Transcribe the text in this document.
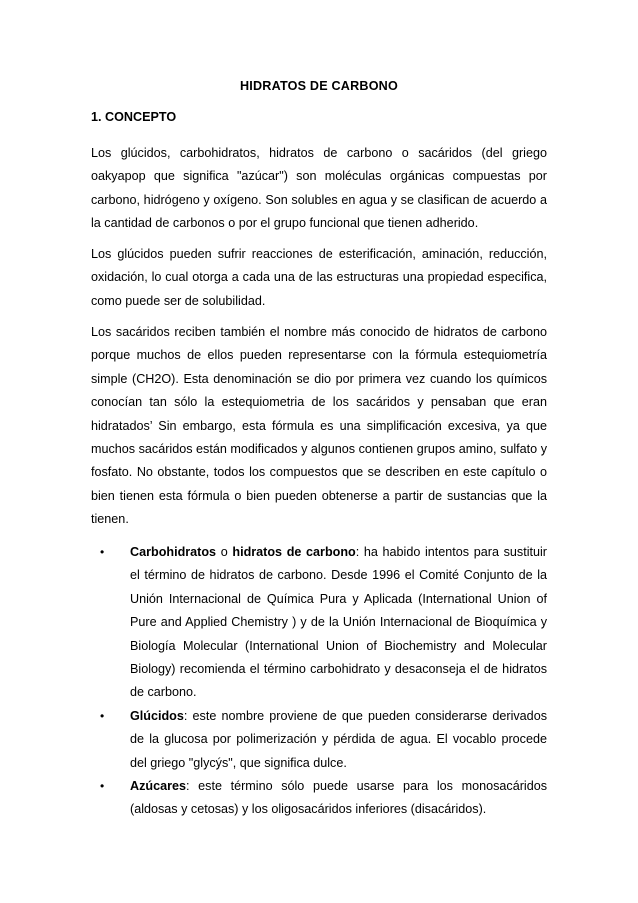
HIDRATOS DE CARBONO
1. CONCEPTO

Los glúcidos, carbohidratos, hidratos de carbono o sacáridos (del griego oakyapop que significa "azúcar") son moléculas orgánicas compuestas por carbono, hidrógeno y oxígeno. Son solubles en agua y se clasifican de acuerdo a la cantidad de carbonos o por el grupo funcional que tienen adherido.

Los glúcidos pueden sufrir reacciones de esterificación, aminación, reducción, oxidación, lo cual otorga a cada una de las estructuras una propiedad especifica, como puede ser de solubilidad.

Los sacáridos reciben también el nombre más conocido de hidratos de carbono porque muchos de ellos pueden representarse con la fórmula estequiometría simple (CH2O). Esta denominación se dio por primera vez cuando los químicos conocían tan sólo la estequiometria de los sacáridos y pensaban que eran hidratados’ Sin embargo, esta fórmula es una simplificación excesiva, ya que muchos sacáridos están modificados y algunos contienen grupos amino, sulfato y fosfato. No obstante, todos los compuestos que se describen en este capítulo o bien tienen esta fórmula o bien pueden obtenerse a partir de sustancias que la tienen.

• Carbohidratos o hidratos de carbono: ha habido intentos para sustituir el término de hidratos de carbono. Desde 1996 el Comité Conjunto de la Unión Internacional de Química Pura y Aplicada (International Union of Pure and Applied Chemistry ) y de la Unión Internacional de Bioquímica y Biología Molecular (International Union of Biochemistry and Molecular Biology) recomienda el término carbohidrato y desaconseja el de hidratos de carbono.
• Glúcidos: este nombre proviene de que pueden considerarse derivados de la glucosa por polimerización y pérdida de agua. El vocablo procede del griego "glycýs", que significa dulce.
• Azúcares: este término sólo puede usarse para los monosacáridos (aldosas y cetosas) y los oligosacáridos inferiores (disacáridos).
